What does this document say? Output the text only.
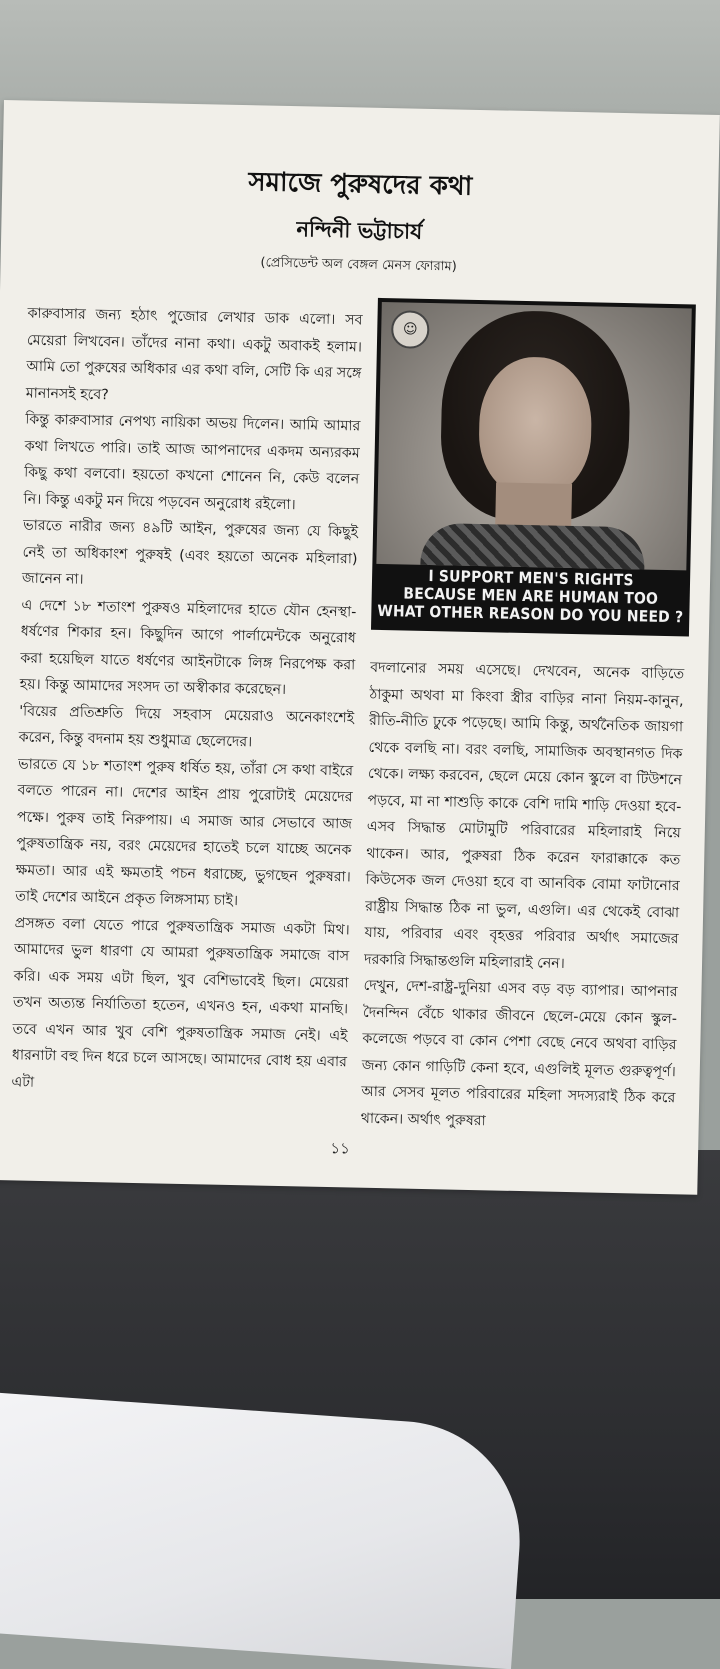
সমাজে পুরুষদের কথা
নন্দিনী ভট্টাচার্য
(প্রেসিডেন্ট অল বেঙ্গল মেনস ফোরাম)

কারুবাসার জন্য হঠাৎ পুজোর লেখার ডাক এলো। সব মেয়েরা লিখবেন। তাঁদের নানা কথা। একটু অবাকই হলাম। আমি তো পুরুষের অধিকার এর কথা বলি, সেটি কি এর সঙ্গে মানানসই হবে?

কিন্তু কারুবাসার নেপথ্য নায়িকা অভয় দিলেন। আমি আমার কথা লিখতে পারি। তাই আজ আপনাদের একদম অন্যরকম কিছু কথা বলবো। হয়তো কখনো শোনেন নি, কেউ বলেন নি। কিন্তু একটু মন দিয়ে পড়বেন অনুরোধ রইলো।

ভারতে নারীর জন্য ৪৯টি আইন, পুরুষের জন্য যে কিছুই নেই তা অধিকাংশ পুরুষই (এবং হয়তো অনেক মহিলারা) জানেন না।

এ দেশে ১৮ শতাংশ পুরুষও মহিলাদের হাতে যৌন হেনস্থা-ধর্ষণের শিকার হন। কিছুদিন আগে পার্লামেন্টকে অনুরোধ করা হয়েছিল যাতে ধর্ষণের আইনটাকে লিঙ্গ নিরপেক্ষ করা হয়। কিন্তু আমাদের সংসদ তা অস্বীকার করেছেন।

'বিয়ের প্রতিশ্রুতি দিয়ে সহবাস মেয়েরাও অনেকাংশেই করেন, কিন্তু বদনাম হয় শুধুমাত্র ছেলেদের।

ভারতে যে ১৮ শতাংশ পুরুষ ধর্ষিত হয়, তাঁরা সে কথা বাইরে বলতে পারেন না। দেশের আইন প্রায় পুরোটাই মেয়েদের পক্ষে। পুরুষ তাই নিরুপায়। এ সমাজ আর সেভাবে আজ পুরুষতান্ত্রিক নয়, বরং মেয়েদের হাতেই চলে যাচ্ছে অনেক ক্ষমতা। আর এই ক্ষমতাই পচন ধরাচ্ছে, ভুগছেন পুরুষরা। তাই দেশের আইনে প্রকৃত লিঙ্গসাম্য চাই।

প্রসঙ্গত বলা যেতে পারে পুরুষতান্ত্রিক সমাজ একটা মিথ। আমাদের ভুল ধারণা যে আমরা পুরুষতান্ত্রিক সমাজে বাস করি। এক সময় এটা ছিল, খুব বেশিভাবেই ছিল। মেয়েরা তখন অত্যন্ত নির্যাতিতা হতেন, এখনও হন, একথা মানছি। তবে এখন আর খুব বেশি পুরুষতান্ত্রিক সমাজ নেই। এই ধারনাটা বহু দিন ধরে চলে আসছে। আমাদের বোধ হয় এবার এটা

☺
I SUPPORT MEN'S RIGHTS
BECAUSE MEN ARE HUMAN TOO
WHAT OTHER REASON DO YOU NEED ?

বদলানোর সময় এসেছে। দেখবেন, অনেক বাড়িতে ঠাকুমা অথবা মা কিংবা স্ত্রীর বাড়ির নানা নিয়ম-কানুন, রীতি-নীতি ঢুকে পড়েছে। আমি কিন্তু, অর্থনৈতিক জায়গা থেকে বলছি না। বরং বলছি, সামাজিক অবস্থানগত দিক থেকে। লক্ষ্য করবেন, ছেলে মেয়ে কোন স্কুলে বা টিউশনে পড়বে, মা না শাশুড়ি কাকে বেশি দামি শাড়ি দেওয়া হবে- এসব সিদ্ধান্ত মোটামুটি পরিবারের মহিলারাই নিয়ে থাকেন। আর, পুরুষরা ঠিক করেন ফারাক্কাকে কত কিউসেক জল দেওয়া হবে বা আনবিক বোমা ফাটানোর রাষ্ট্রীয় সিদ্ধান্ত ঠিক না ভুল, এগুলি। এর থেকেই বোঝা যায়, পরিবার এবং বৃহত্তর পরিবার অর্থাৎ সমাজের দরকারি সিদ্ধান্তগুলি মহিলারাই নেন।

দেখুন, দেশ-রাষ্ট্র-দুনিয়া এসব বড় বড় ব্যাপার। আপনার দৈনন্দিন বেঁচে থাকার জীবনে ছেলে-মেয়ে কোন স্কুল-কলেজে পড়বে বা কোন পেশা বেছে নেবে অথবা বাড়ির জন্য কোন গাড়িটি কেনা হবে, এগুলিই মূলত গুরুত্বপূর্ণ। আর সেসব মূলত পরিবারের মহিলা সদস্যরাই ঠিক করে থাকেন। অর্থাৎ পুরুষরা

১১
